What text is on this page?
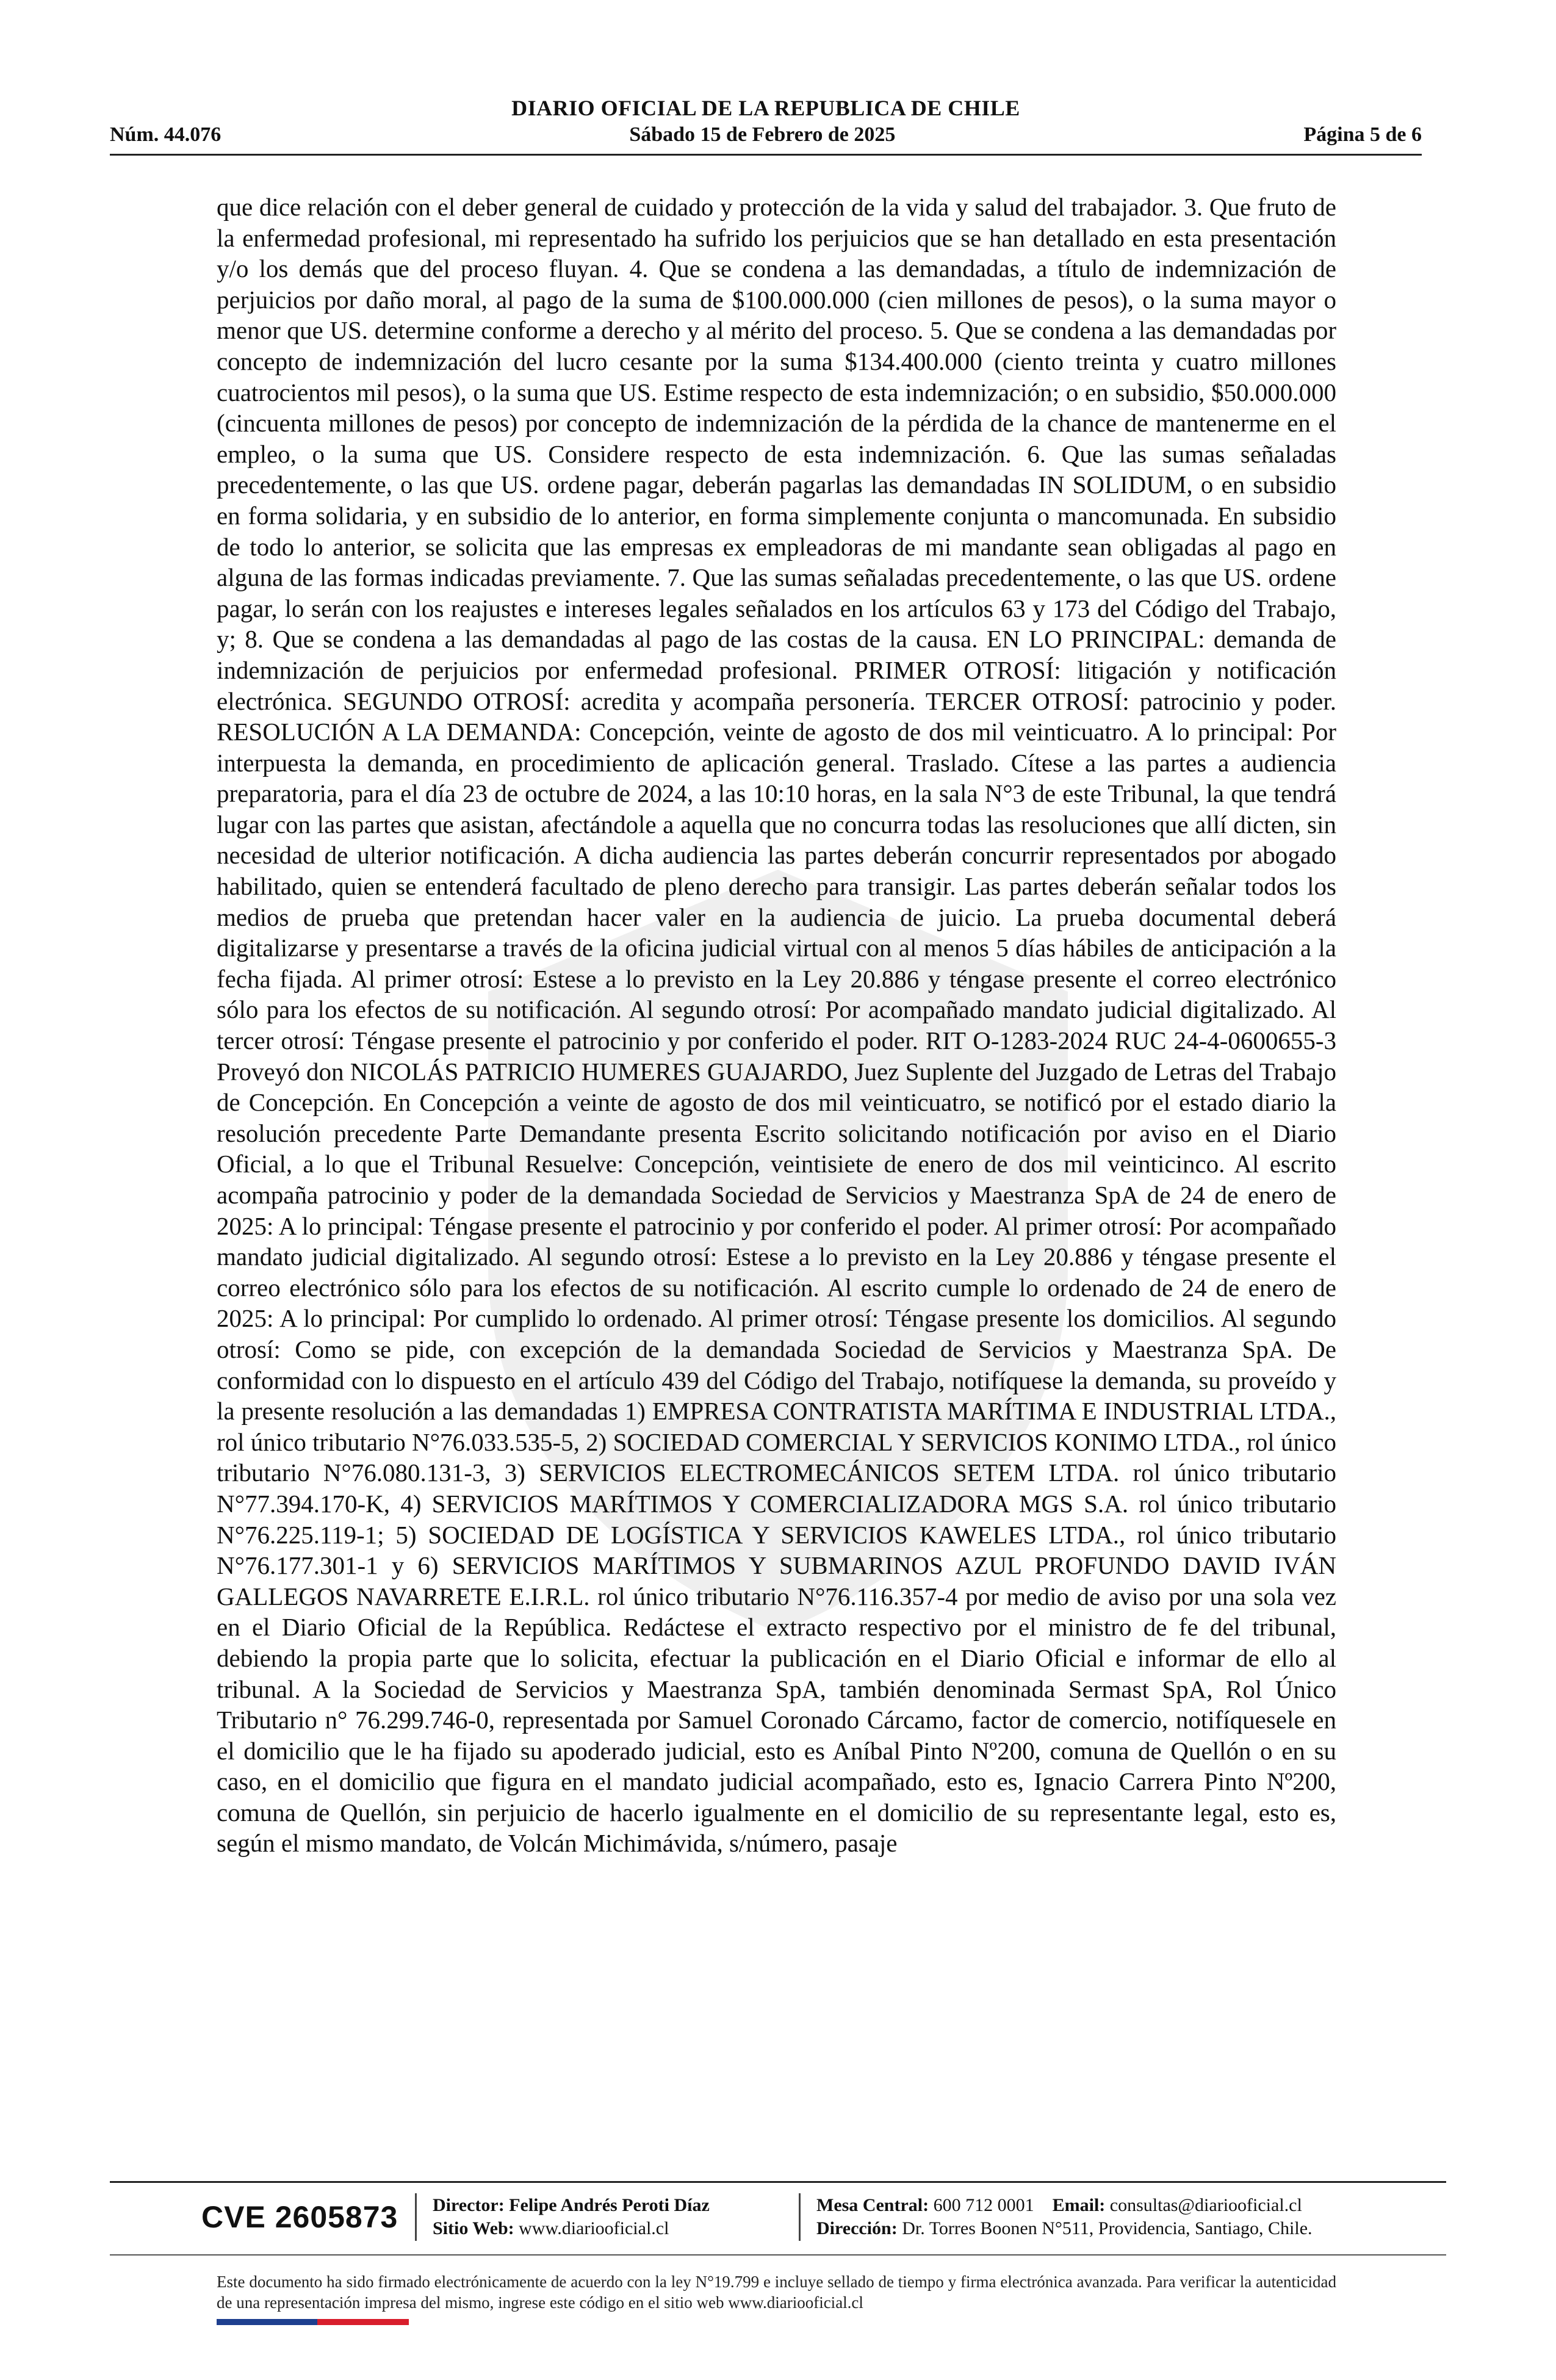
DIARIO OFICIAL DE LA REPUBLICA DE CHILE
Núm. 44.076	Sábado 15 de Febrero de 2025	Página 5 de 6
que dice relación con el deber general de cuidado y protección de la vida y salud del trabajador. 3. Que fruto de la enfermedad profesional, mi representado ha sufrido los perjuicios que se han detallado en esta presentación y/o los demás que del proceso fluyan. 4. Que se condena a las demandadas, a título de indemnización de perjuicios por daño moral, al pago de la suma de $100.000.000 (cien millones de pesos), o la suma mayor o menor que US. determine conforme a derecho y al mérito del proceso. 5. Que se condena a las demandadas por concepto de indemnización del lucro cesante por la suma $134.400.000 (ciento treinta y cuatro millones cuatrocientos mil pesos), o la suma que US. Estime respecto de esta indemnización; o en subsidio, $50.000.000 (cincuenta millones de pesos) por concepto de indemnización de la pérdida de la chance de mantenerme en el empleo, o la suma que US. Considere respecto de esta indemnización. 6. Que las sumas señaladas precedentemente, o las que US. ordene pagar, deberán pagarlas las demandadas IN SOLIDUM, o en subsidio en forma solidaria, y en subsidio de lo anterior, en forma simplemente conjunta o mancomunada. En subsidio de todo lo anterior, se solicita que las empresas ex empleadoras de mi mandante sean obligadas al pago en alguna de las formas indicadas previamente. 7. Que las sumas señaladas precedentemente, o las que US. ordene pagar, lo serán con los reajustes e intereses legales señalados en los artículos 63 y 173 del Código del Trabajo, y; 8. Que se condena a las demandadas al pago de las costas de la causa. EN LO PRINCIPAL: demanda de indemnización de perjuicios por enfermedad profesional. PRIMER OTROSÍ: litigación y notificación electrónica. SEGUNDO OTROSÍ: acredita y acompaña personería. TERCER OTROSÍ: patrocinio y poder. RESOLUCIÓN A LA DEMANDA: Concepción, veinte de agosto de dos mil veinticuatro. A lo principal: Por interpuesta la demanda, en procedimiento de aplicación general. Traslado. Cítese a las partes a audiencia preparatoria, para el día 23 de octubre de 2024, a las 10:10 horas, en la sala N°3 de este Tribunal, la que tendrá lugar con las partes que asistan, afectándole a aquella que no concurra todas las resoluciones que allí dicten, sin necesidad de ulterior notificación. A dicha audiencia las partes deberán concurrir representados por abogado habilitado, quien se entenderá facultado de pleno derecho para transigir. Las partes deberán señalar todos los medios de prueba que pretendan hacer valer en la audiencia de juicio. La prueba documental deberá digitalizarse y presentarse a través de la oficina judicial virtual con al menos 5 días hábiles de anticipación a la fecha fijada. Al primer otrosí: Estese a lo previsto en la Ley 20.886 y téngase presente el correo electrónico sólo para los efectos de su notificación. Al segundo otrosí: Por acompañado mandato judicial digitalizado. Al tercer otrosí: Téngase presente el patrocinio y por conferido el poder. RIT O-1283-2024 RUC 24-4-0600655-3 Proveyó don NICOLÁS PATRICIO HUMERES GUAJARDO, Juez Suplente del Juzgado de Letras del Trabajo de Concepción. En Concepción a veinte de agosto de dos mil veinticuatro, se notificó por el estado diario la resolución precedente Parte Demandante presenta Escrito solicitando notificación por aviso en el Diario Oficial, a lo que el Tribunal Resuelve: Concepción, veintisiete de enero de dos mil veinticinco. Al escrito acompaña patrocinio y poder de la demandada Sociedad de Servicios y Maestranza SpA de 24 de enero de 2025: A lo principal: Téngase presente el patrocinio y por conferido el poder. Al primer otrosí: Por acompañado mandato judicial digitalizado. Al segundo otrosí: Estese a lo previsto en la Ley 20.886 y téngase presente el correo electrónico sólo para los efectos de su notificación. Al escrito cumple lo ordenado de 24 de enero de 2025: A lo principal: Por cumplido lo ordenado. Al primer otrosí: Téngase presente los domicilios. Al segundo otrosí: Como se pide, con excepción de la demandada Sociedad de Servicios y Maestranza SpA. De conformidad con lo dispuesto en el artículo 439 del Código del Trabajo, notifíquese la demanda, su proveído y la presente resolución a las demandadas 1) EMPRESA CONTRATISTA MARÍTIMA E INDUSTRIAL LTDA., rol único tributario N°76.033.535-5, 2) SOCIEDAD COMERCIAL Y SERVICIOS KONIMO LTDA., rol único tributario N°76.080.131-3, 3) SERVICIOS ELECTROMECÁNICOS SETEM LTDA. rol único tributario N°77.394.170-K, 4) SERVICIOS MARÍTIMOS Y COMERCIALIZADORA MGS S.A. rol único tributario N°76.225.119-1; 5) SOCIEDAD DE LOGÍSTICA Y SERVICIOS KAWELES LTDA., rol único tributario N°76.177.301-1 y 6) SERVICIOS MARÍTIMOS Y SUBMARINOS AZUL PROFUNDO DAVID IVÁN GALLEGOS NAVARRETE E.I.R.L. rol único tributario N°76.116.357-4 por medio de aviso por una sola vez en el Diario Oficial de la República. Redáctese el extracto respectivo por el ministro de fe del tribunal, debiendo la propia parte que lo solicita, efectuar la publicación en el Diario Oficial e informar de ello al tribunal. A la Sociedad de Servicios y Maestranza SpA, también denominada Sermast SpA, Rol Único Tributario n° 76.299.746-0, representada por Samuel Coronado Cárcamo, factor de comercio, notifíquesele en el domicilio que le ha fijado su apoderado judicial, esto es Aníbal Pinto Nº200, comuna de Quellón o en su caso, en el domicilio que figura en el mandato judicial acompañado, esto es, Ignacio Carrera Pinto Nº200, comuna de Quellón, sin perjuicio de hacerlo igualmente en el domicilio de su representante legal, esto es, según el mismo mandato, de Volcán Michimávida, s/número, pasaje
CVE 2605873 Director: Felipe Andrés Peroti Díaz
Sitio Web: www.diariooficial.cl
Mesa Central: 600 712 0001 Email: consultas@diariooficial.cl
Dirección: Dr. Torres Boonen N°511, Providencia, Santiago, Chile.
Este documento ha sido firmado electrónicamente de acuerdo con la ley N°19.799 e incluye sellado de tiempo y firma electrónica avanzada. Para verificar la autenticidad de una representación impresa del mismo, ingrese este código en el sitio web www.diariooficial.cl
